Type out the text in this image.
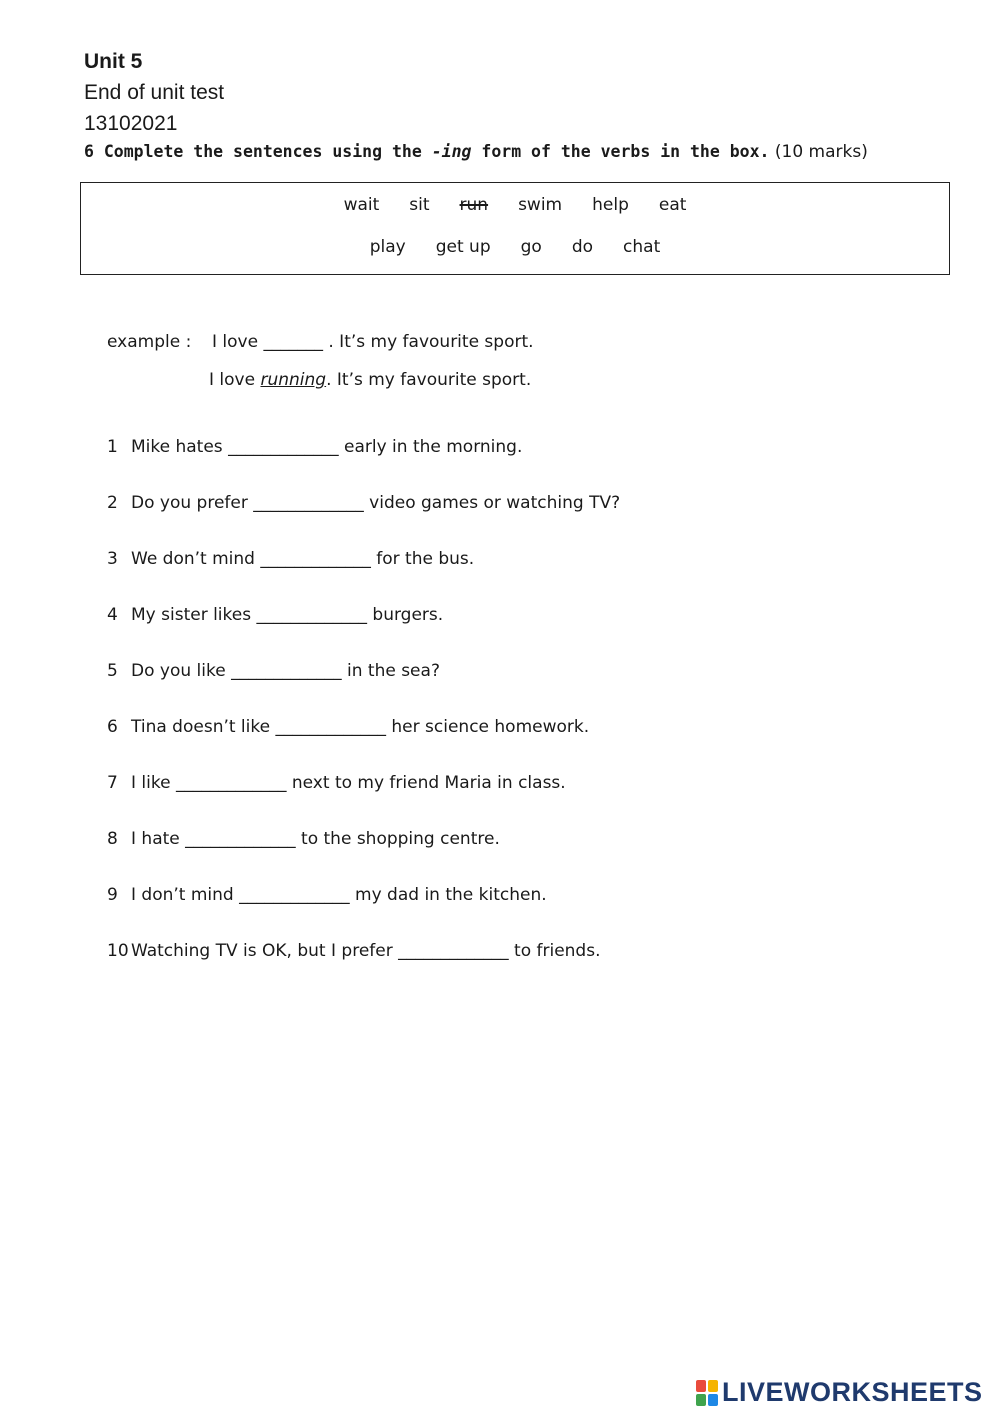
Unit 5
End of unit test
13102021
6 Complete the sentences using the -ing form of the verbs in the box. (10 marks)
wait sit run swim help eat
play get up go do chat
example : I love _______ . It’s my favourite sport.
I love running. It’s my favourite sport.
1 Mike hates _____________ early in the morning.
2 Do you prefer _____________ video games or watching TV?
3 We don’t mind _____________ for the bus.
4 My sister likes _____________ burgers.
5 Do you like _____________ in the sea?
6 Tina doesn’t like _____________ her science homework.
7 I like _____________ next to my friend Maria in class.
8 I hate _____________ to the shopping centre.
9 I don’t mind _____________ my dad in the kitchen.
10 Watching TV is OK, but I prefer _____________ to friends.
LIVEWORKSHEETS
